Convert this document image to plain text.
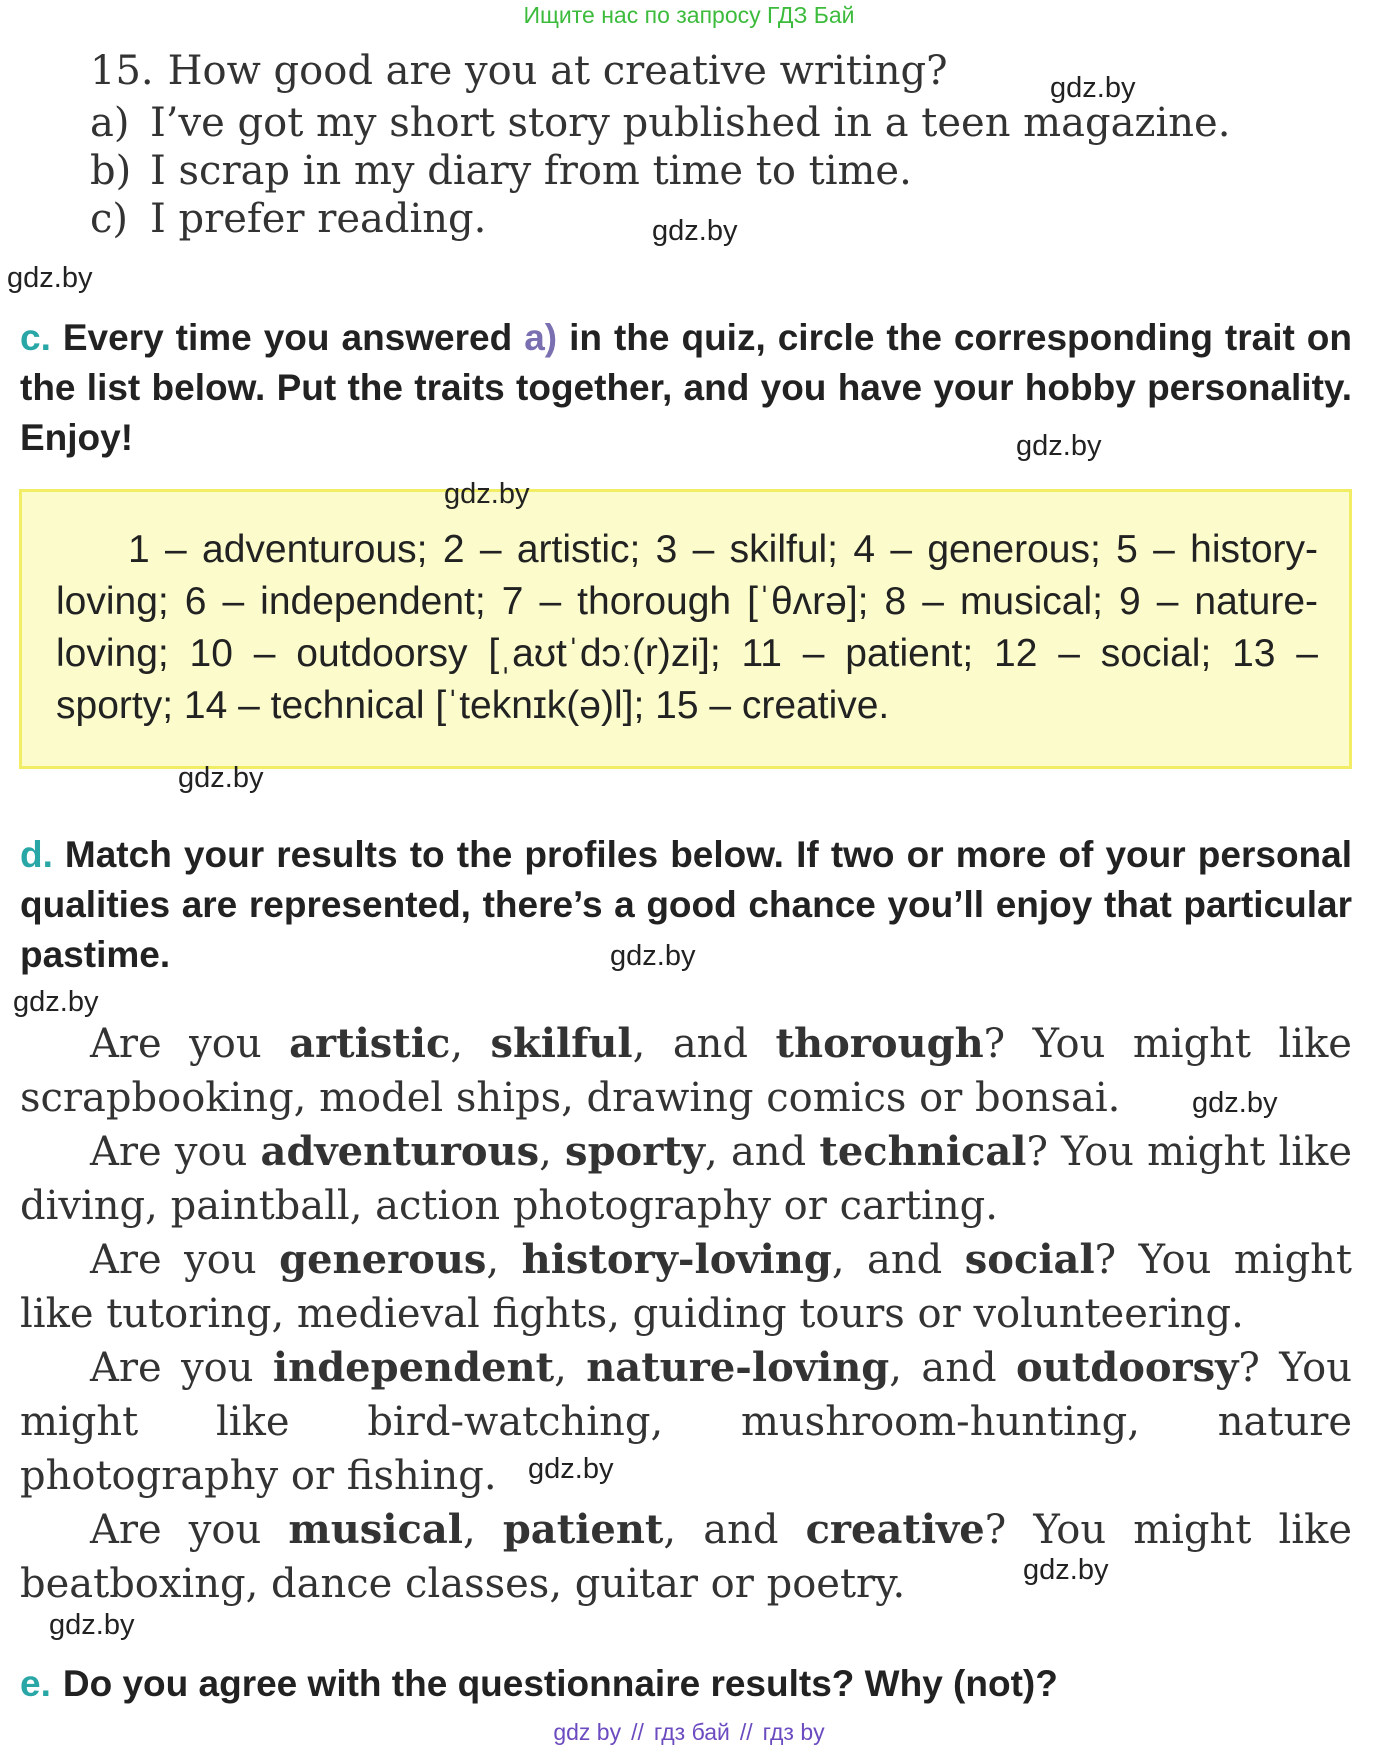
Ищите нас по запросу ГДЗ Бай
15. How good are you at creative writing?
a) I’ve got my short story published in a teen magazine.
b) I scrap in my diary from time to time.
c) I prefer reading.
c. Every time you answered a) in the quiz, circle the corresponding trait on the list below. Put the traits together, and you have your hobby personality. Enjoy!
1 – adventurous; 2 – artistic; 3 – skilful; 4 – generous; 5 – history-loving; 6 – independent; 7 – thorough [ˈθʌrə]; 8 – musical; 9 – nature-loving; 10 – outdoorsy [ˌaʊtˈdɔː(r)zi]; 11 – patient; 12 – social; 13 – sporty; 14 – technical [ˈteknɪk(ə)l]; 15 – creative.
d. Match your results to the profiles below. If two or more of your personal qualities are represented, there’s a good chance you’ll enjoy that particular pastime.
Are you artistic, skilful, and thorough? You might like scrapbooking, model ships, drawing comics or bonsai.
Are you adventurous, sporty, and technical? You might like diving, paintball, action photography or carting.
Are you generous, history-loving, and social? You might like tutoring, medieval fights, guiding tours or volunteering.
Are you independent, nature-loving, and outdoorsy? You might like bird-watching, mushroom-hunting, nature photography or fishing.
Are you musical, patient, and creative? You might like beatboxing, dance classes, guitar or poetry.
e. Do you agree with the questionnaire results? Why (not)?
gdz.by
gdz.by
gdz.by
gdz.by
gdz.by
gdz.by
gdz.by
gdz.by
gdz.by
gdz.by
gdz.by
gdz.by
gdz by // гдз бай // гдз by
